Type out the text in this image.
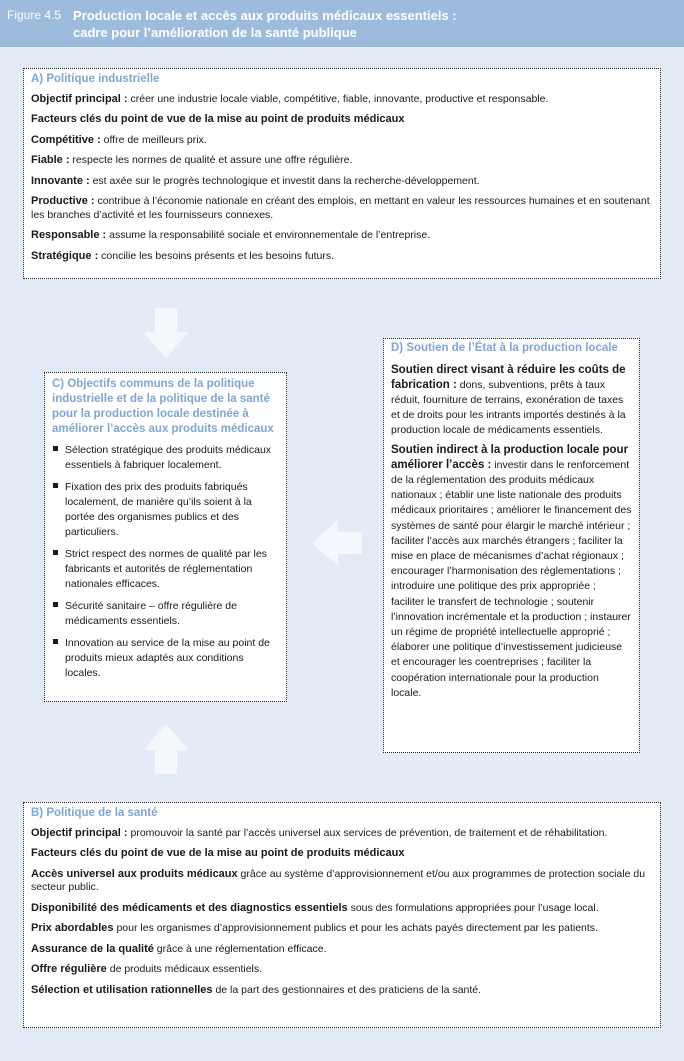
Figure 4.5 Production locale et accès aux produits médicaux essentiels :
cadre pour l’amélioration de la santé publique
A) Politique industrielle
Objectif principal : créer une industrie locale viable, compétitive, fiable, innovante, productive et responsable.
Facteurs clés du point de vue de la mise au point de produits médicaux
Compétitive : offre de meilleurs prix.
Fiable : respecte les normes de qualité et assure une offre régulière.
Innovante : est axée sur le progrès technologique et investit dans la recherche-développement.
Productive : contribue à l’économie nationale en créant des emplois, en mettant en valeur les ressources humaines et en soutenant les branches d’activité et les fournisseurs connexes.
Responsable : assume la responsabilité sociale et environnementale de l’entreprise.
Stratégique : concilie les besoins présents et les besoins futurs.
C) Objectifs communs de la politique industrielle et de la politique de la santé pour la production locale destinée à améliorer l’accès aux produits médicaux
Sélection stratégique des produits médicaux essentiels à fabriquer localement.
Fixation des prix des produits fabriqués localement, de manière qu’ils soient à la portée des organismes publics et des particuliers.
Strict respect des normes de qualité par les fabricants et autorités de réglementation nationales efficaces.
Sécurité sanitaire – offre régulière de médicaments essentiels.
Innovation au service de la mise au point de produits mieux adaptés aux conditions locales.
D) Soutien de l’État à la production locale
Soutien direct visant à réduire les coûts de fabrication : dons, subventions, prêts à taux réduit, fourniture de terrains, exonération de taxes et de droits pour les intrants importés destinés à la production locale de médicaments essentiels.
Soutien indirect à la production locale pour améliorer l’accès : investir dans le renforcement de la réglementation des produits médicaux nationaux ; établir une liste nationale des produits médicaux prioritaires ; améliorer le financement des systèmes de santé pour élargir le marché intérieur ; faciliter l’accès aux marchés étrangers ; faciliter la mise en place de mécanismes d’achat régionaux ; encourager l’harmonisation des réglementations ; introduire une politique des prix appropriée ; faciliter le transfert de technologie ; soutenir l’innovation incrémentale et la production ; instaurer un régime de propriété intellectuelle approprié ; élaborer une politique d’investissement judicieuse et encourager les coentreprises ; faciliter la coopération internationale pour la production locale.
B) Politique de la santé
Objectif principal : promouvoir la santé par l’accès universel aux services de prévention, de traitement et de réhabilitation.
Facteurs clés du point de vue de la mise au point de produits médicaux
Accès universel aux produits médicaux grâce au système d’approvisionnement et/ou aux programmes de protection sociale du secteur public.
Disponibilité des médicaments et des diagnostics essentiels sous des formulations appropriées pour l’usage local.
Prix abordables pour les organismes d’approvisionnement publics et pour les achats payés directement par les patients.
Assurance de la qualité grâce à une réglementation efficace.
Offre régulière de produits médicaux essentiels.
Sélection et utilisation rationnelles de la part des gestionnaires et des praticiens de la santé.
